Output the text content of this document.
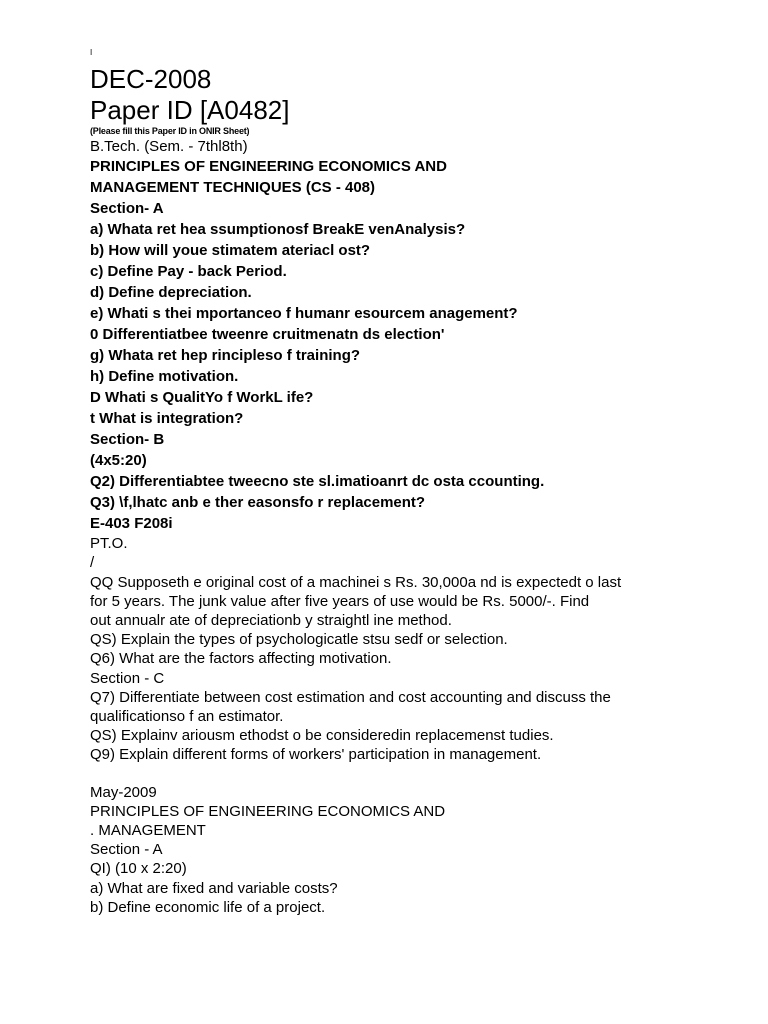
I
DEC-2008
Paper ID [A0482]
(Please fill this Paper ID in ONIR Sheet)
B.Tech. (Sem. - 7thl8th)
PRINCIPLES OF ENGINEERING ECONOMICS AND
MANAGEMENT TECHNIQUES (CS - 408)
Section- A
a) Whata ret hea ssumptionosf BreakE venAnalysis?
b) How will youe stimatem ateriacl ost?
c) Define Pay - back Period.
d) Define depreciation.
e) Whati s thei mportanceo f humanr esourcem anagement?
0 Differentiatbee tweenre cruitmenatn ds election'
g) Whata ret hep rincipleso f training?
h) Define motivation.
D Whati s QualitYo f WorkL ife?
t What is integration?
Section- B
(4x5:20)
Q2) Differentiabtee tweecno ste sl.imatioanrt dc osta ccounting.
Q3) \f,lhatc anb e ther easonsfo r replacement?
E-403 F208i
PT.O.
/
QQ Supposeth e original cost of a machinei s Rs. 30,000a nd is expectedt o last
for 5 years. The junk value after five years of use would be Rs. 5000/-. Find
out annualr ate of depreciationb y straightl ine method.
QS) Explain the types of psychologicatle stsu sedf or selection.
Q6) What are the factors affecting motivation.
Section - C
Q7) Differentiate between cost estimation and cost accounting and discuss the
qualificationso f an estimator.
QS) Explainv ariousm ethodst o be consideredin replacemenst tudies.
Q9) Explain different forms of workers' participation in management.
May-2009
PRINCIPLES OF ENGINEERING ECONOMICS AND
. MANAGEMENT
Section - A
QI) (10 x 2:20)
a) What are fixed and variable costs?
b) Define economic life of a project.
